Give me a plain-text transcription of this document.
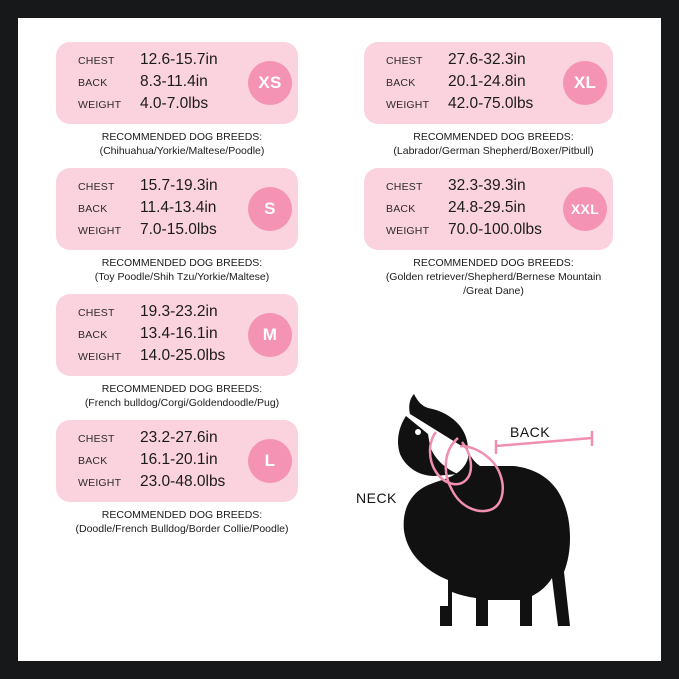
CHEST	12.6-15.7in
BACK	8.3-11.4in
WEIGHT	4.0-7.0lbs
XS
RECOMMENDED DOG BREEDS:
(Chihuahua/Yorkie/Maltese/Poodle)
CHEST	15.7-19.3in
BACK	11.4-13.4in
WEIGHT	7.0-15.0lbs
S
RECOMMENDED DOG BREEDS:
(Toy Poodle/Shih Tzu/Yorkie/Maltese)
CHEST	19.3-23.2in
BACK	13.4-16.1in
WEIGHT	14.0-25.0lbs
M
RECOMMENDED DOG BREEDS:
(French bulldog/Corgi/Goldendoodle/Pug)
CHEST	23.2-27.6in
BACK	16.1-20.1in
WEIGHT	23.0-48.0lbs
L
RECOMMENDED DOG BREEDS:
(Doodle/French Bulldog/Border Collie/Poodle)
CHEST	27.6-32.3in
BACK	20.1-24.8in
WEIGHT	42.0-75.0lbs
XL
RECOMMENDED DOG BREEDS:
(Labrador/German Shepherd/Boxer/Pitbull)
CHEST	32.3-39.3in
BACK	24.8-29.5in
WEIGHT	70.0-100.0lbs
XXL
RECOMMENDED DOG BREEDS:
(Golden retriever/Shepherd/Bernese Mountain
/Great Dane)
BACK
NECK
CHEST
